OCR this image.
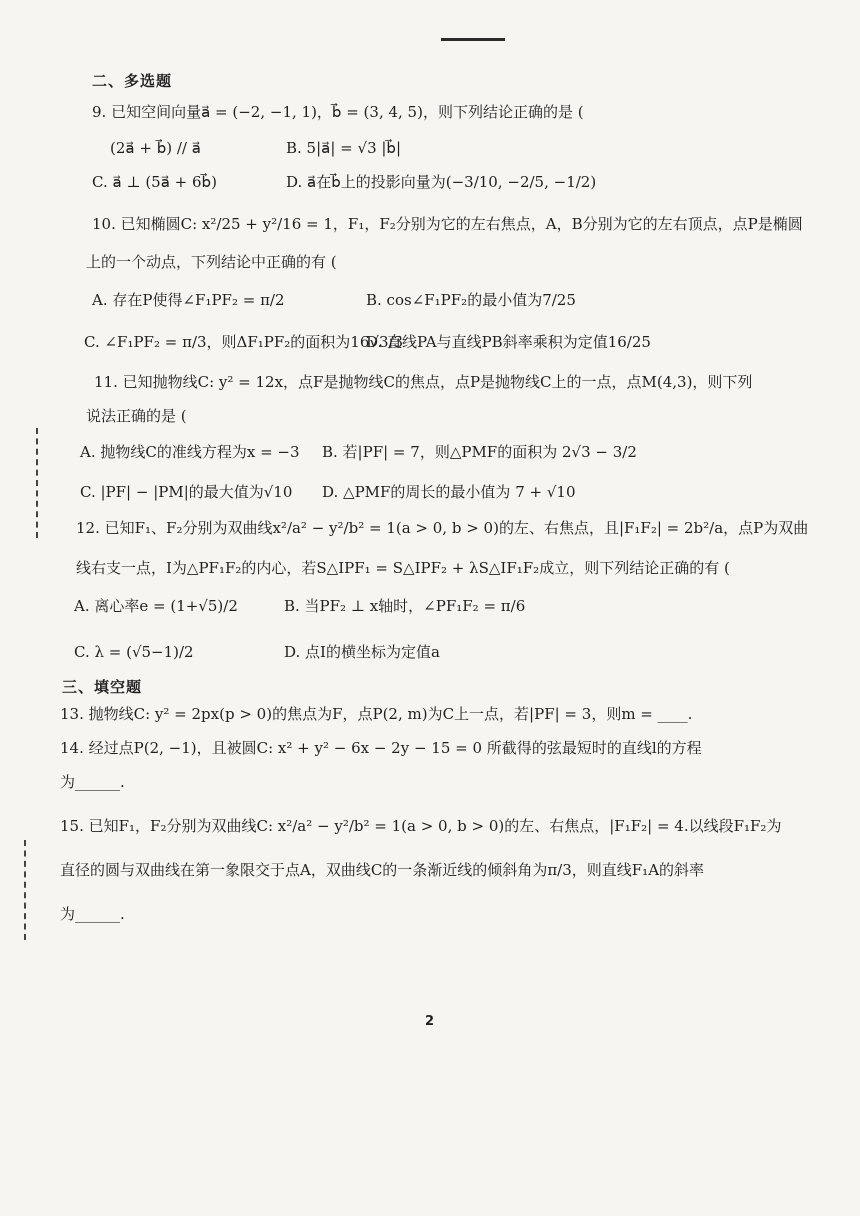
二、多选题
9. 已知空间向量a⃗ = (−2, −1, 1)，b⃗ = (3, 4, 5)，则下列结论正确的是 (
(2a⃗ + b⃗) // a⃗	B. 5|a⃗| = √3 |b⃗|
C. a⃗ ⊥ (5a⃗ + 6b⃗)	D. a⃗在b⃗上的投影向量为(−3/10, −2/5, −1/2)
10. 已知椭圆C: x²/25 + y²/16 = 1，F₁，F₂分别为它的左右焦点，A，B分别为它的左右顶点，点P是椭圆
上的一个动点，下列结论中正确的有 (
A. 存在P使得∠F₁PF₂ = π/2	B. cos∠F₁PF₂的最小值为7/25
C. ∠F₁PF₂ = π/3，则ΔF₁PF₂的面积为16√3/3
D. 直线PA与直线PB斜率乘积为定值16/25
11. 已知抛物线C: y² = 12x，点F是抛物线C的焦点，点P是抛物线C上的一点，点M(4,3)，则下列
说法正确的是 (
A. 抛物线C的准线方程为x = −3 B. 若|PF| = 7，则△PMF的面积为 2√3 − 3/2
C. |PF| − |PM|的最大值为√10 D. △PMF的周长的最小值为 7 + √10
12. 已知F₁、F₂分别为双曲线x²/a² − y²/b² = 1(a > 0, b > 0)的左、右焦点，且|F₁F₂| = 2b²/a，点P为双曲
线右支一点，I为△PF₁F₂的内心，若S△IPF₁ = S△IPF₂ + λS△IF₁F₂成立，则下列结论正确的有 (
A. 离心率e = (1+√5)/2	B. 当PF₂ ⊥ x轴时，∠PF₁F₂ = π/6
C. λ = (√5−1)/2	D. 点I的横坐标为定值a
三、填空题
13. 抛物线C: y² = 2px(p > 0)的焦点为F，点P(2, m)为C上一点，若|PF| = 3，则m = ____.
14. 经过点P(2, −1)，且被圆C: x² + y² − 6x − 2y − 15 = 0 所截得的弦最短时的直线l的方程
为______.
15. 已知F₁，F₂分别为双曲线C: x²/a² − y²/b² = 1(a > 0, b > 0)的左、右焦点，|F₁F₂| = 4.以线段F₁F₂为
直径的圆与双曲线在第一象限交于点A，双曲线C的一条渐近线的倾斜角为π/3，则直线F₁A的斜率
为______.
2
